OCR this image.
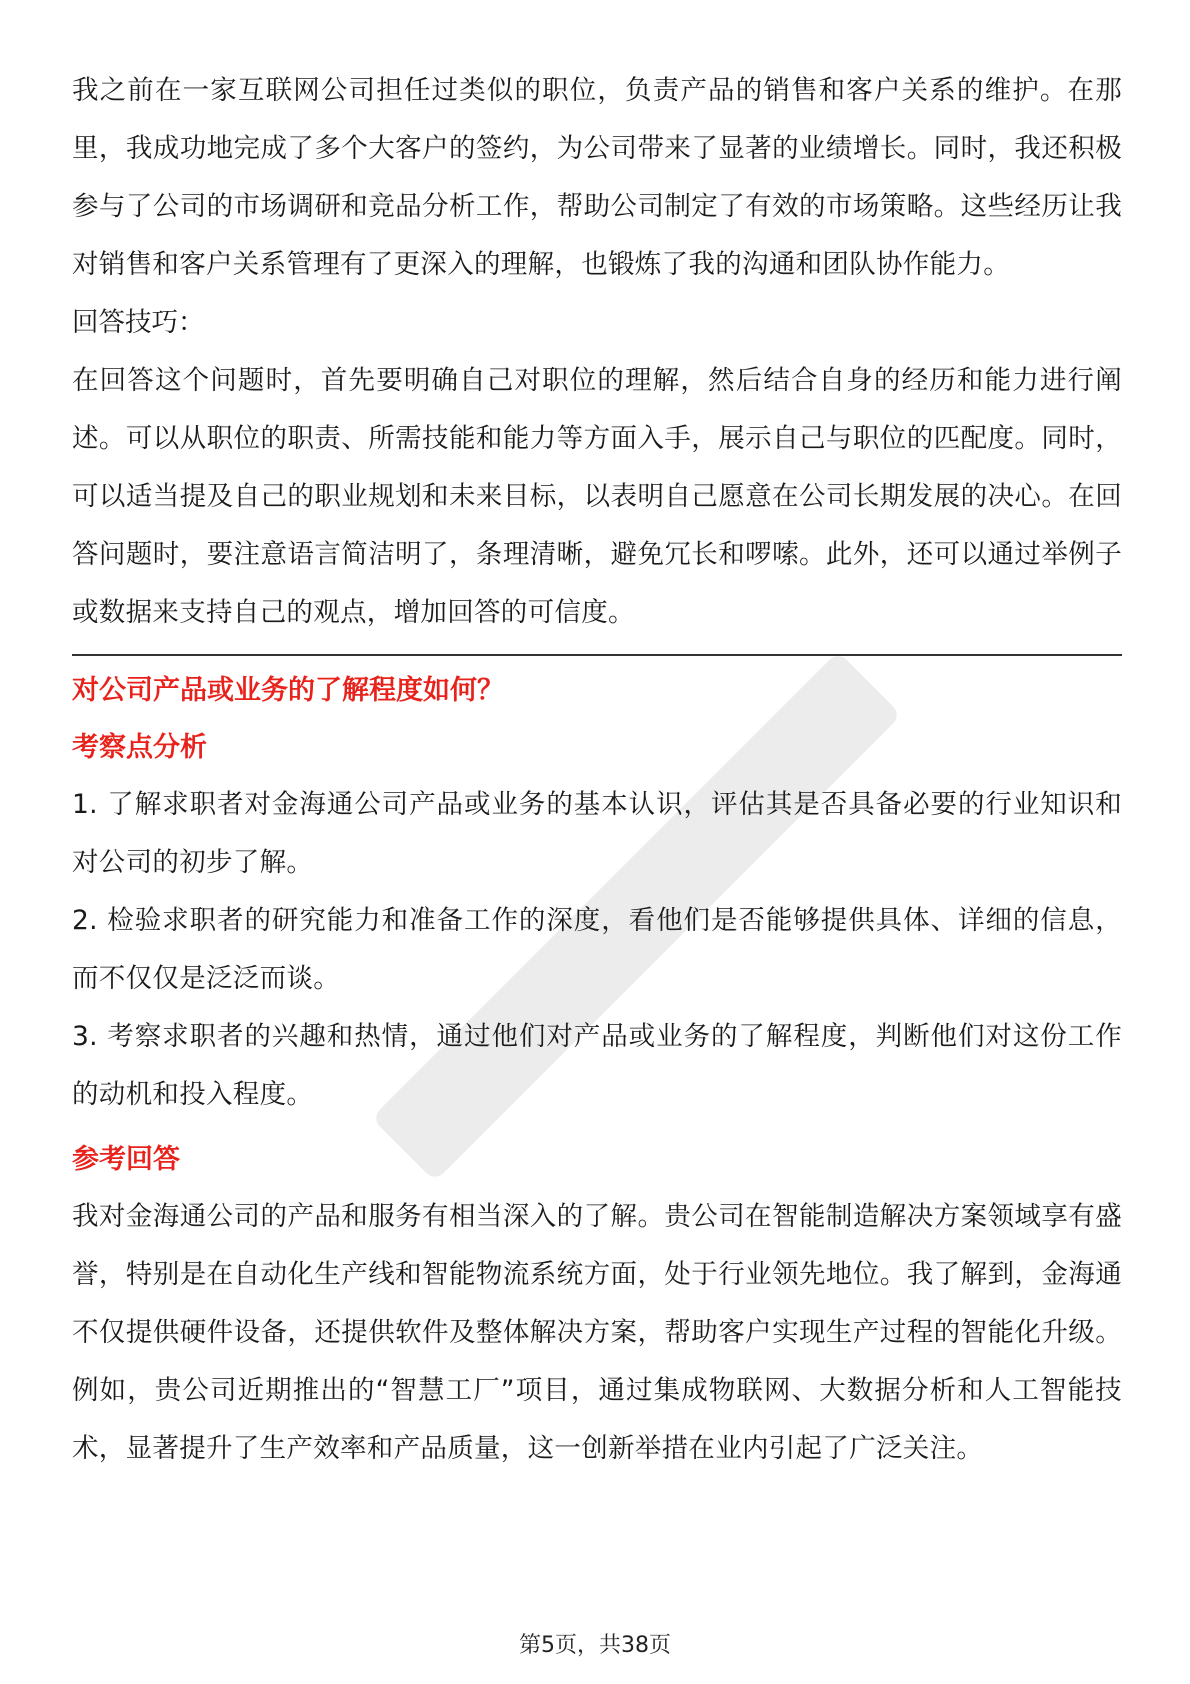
我之前在一家互联网公司担任过类似的职位，负责产品的销售和客户关系的维护。在那里，我成功地完成了多个大客户的签约，为公司带来了显著的业绩增长。同时，我还积极参与了公司的市场调研和竞品分析工作，帮助公司制定了有效的市场策略。这些经历让我对销售和客户关系管理有了更深入的理解，也锻炼了我的沟通和团队协作能力。

回答技巧：

在回答这个问题时，首先要明确自己对职位的理解，然后结合自身的经历和能力进行阐述。可以从职位的职责、所需技能和能力等方面入手，展示自己与职位的匹配度。同时，可以适当提及自己的职业规划和未来目标，以表明自己愿意在公司长期发展的决心。在回答问题时，要注意语言简洁明了，条理清晰，避免冗长和啰嗦。此外，还可以通过举例子或数据来支持自己的观点，增加回答的可信度。

对公司产品或业务的了解程度如何？

考察点分析

1. 了解求职者对金海通公司产品或业务的基本认识，评估其是否具备必要的行业知识和对公司的初步了解。

2. 检验求职者的研究能力和准备工作的深度，看他们是否能够提供具体、详细的信息，而不仅仅是泛泛而谈。

3. 考察求职者的兴趣和热情，通过他们对产品或业务的了解程度，判断他们对这份工作的动机和投入程度。

参考回答

我对金海通公司的产品和服务有相当深入的了解。贵公司在智能制造解决方案领域享有盛誉，特别是在自动化生产线和智能物流系统方面，处于行业领先地位。我了解到，金海通不仅提供硬件设备，还提供软件及整体解决方案，帮助客户实现生产过程的智能化升级。例如，贵公司近期推出的“智慧工厂”项目，通过集成物联网、大数据分析和人工智能技术，显著提升了生产效率和产品质量，这一创新举措在业内引起了广泛关注。

第5页，共38页
